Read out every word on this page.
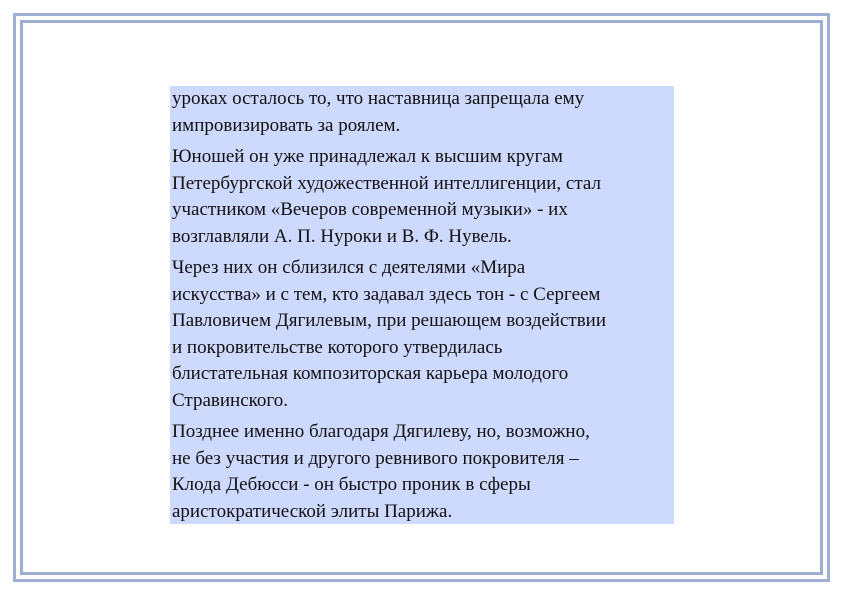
уроках осталось то, что наставница запрещала ему
импровизировать за роялем.

Юношей он уже принадлежал к высшим кругам
Петербургской художественной интеллигенции, стал
участником «Вечеров современной музыки» - их
возглавляли А. П. Нуроки и В. Ф. Нувель.

Через них он сблизился с деятелями «Мира
искусства» и с тем, кто задавал здесь тон - с Сергеем
Павловичем Дягилевым, при решающем воздействии
и покровительстве которого утвердилась
блистательная композиторская карьера молодого
Стравинского.

Позднее именно благодаря Дягилеву, но, возможно,
не без участия и другого ревнивого покровителя –
Клода Дебюсси - он быстро проник в сферы
аристократической элиты Парижа.
